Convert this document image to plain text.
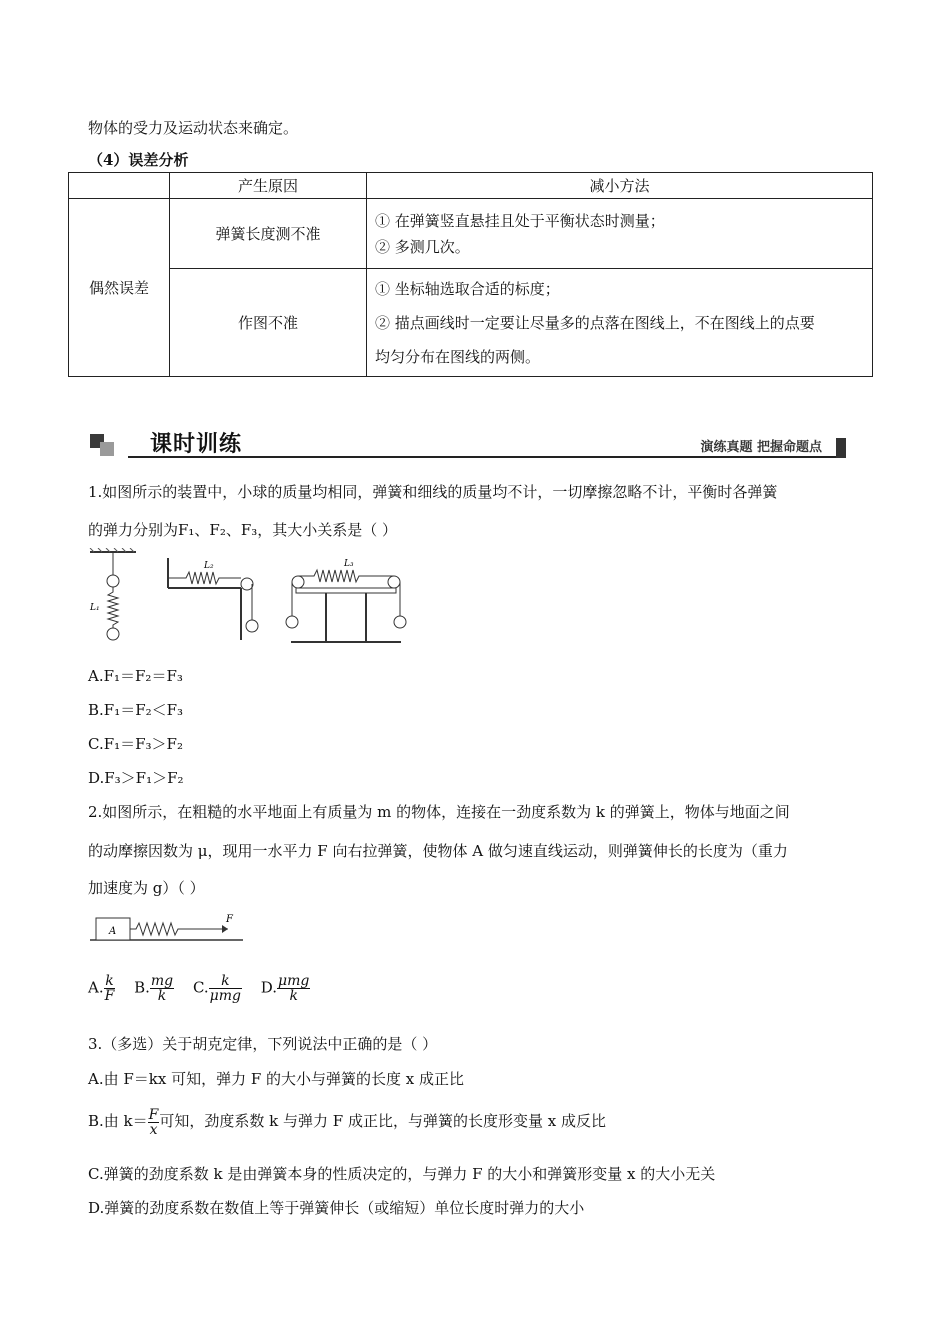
物体的受力及运动状态来确定。
（4）误差分析
	产生原因	减小方法
偶然误差	弹簧长度测不准	① 在弹簧竖直悬挂且处于平衡状态时测量；
② 多测几次。

	作图不准	① 坐标轴选取合适的标度；
② 描点画线时一定要让尽量多的点落在图线上，不在图线上的点要
均匀分布在图线的两侧。
课时训练	演练真题 把握命题点
1.如图所示的装置中，小球的质量均相同，弹簧和细线的质量均不计，一切摩擦忽略不计，平衡时各弹簧
的弹力分别为F₁、F₂、F₃，其大小关系是（ ）
L₁
L₂	L₃
A.F₁＝F₂＝F₃
B.F₁＝F₂＜F₃
C.F₁＝F₃＞F₂
D.F₃＞F₁＞F₂
2.如图所示，在粗糙的水平地面上有质量为 m 的物体，连接在一劲度系数为 k 的弹簧上，物体与地面之间
的动摩擦因数为 μ，现用一水平力 F 向右拉弹簧，使物体 A 做匀速直线运动，则弹簧伸长的长度为（重力
加速度为 g）（ ）
A
F
A. $\frac{k}{F} B$. $\frac{mg}{k} C$. $\frac{k}{\text{μmg}} D$. $\frac{\text{μmg}}{k}$
3.（多选）关于胡克定律，下列说法中正确的是（ ）
A.由 F＝kx 可知，弹力 F 的大小与弹簧的长度 x 成正比
B.由 $k= \frac{F}{x}$ 可知，劲度系数 k 与弹力 F 成正比，与弹簧的长度形变量 x 成反比
C.弹簧的劲度系数 k 是由弹簧本身的性质决定的，与弹力 F 的大小和弹簧形变量 x 的大小无关
D.弹簧的劲度系数在数值上等于弹簧伸长（或缩短）单位长度时弹力的大小
